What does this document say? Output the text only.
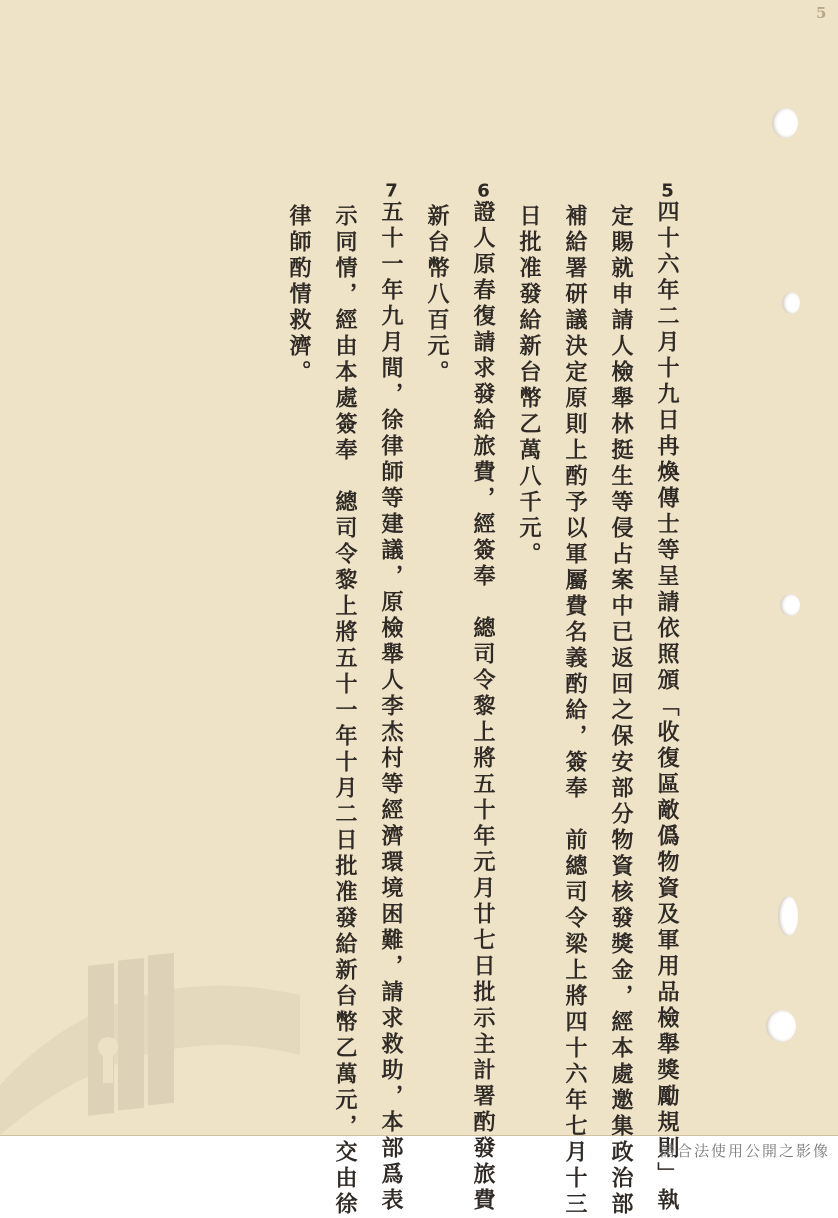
5
5四十六年二月十九日冉煥傳士等呈請依照頒「收復區敵僞物資及軍用品檢舉獎勵規則」執
定賜就申請人檢舉林挺生等侵占案中已返回之保安部分物資核發獎金，經本處邀集政治部
補給署研議決定原則上酌予以軍屬費名義酌給，簽奉　前總司令梁上將四十六年七月十三
日批准發給新台幣乙萬八千元。
6證人原春復請求發給旅費，經簽奉　總司令黎上將五十年元月廿七日批示主計署酌發旅費
新台幣八百元。
7五十一年九月間，徐律師等建議，原檢舉人李杰村等經濟環境困難，請求救助，本部爲表
示同情，經由本處簽奉　總司令黎上將五十一年十月二日批准發給新台幣乙萬元，交由徐
律師酌情救濟。
請合法使用公開之影像
